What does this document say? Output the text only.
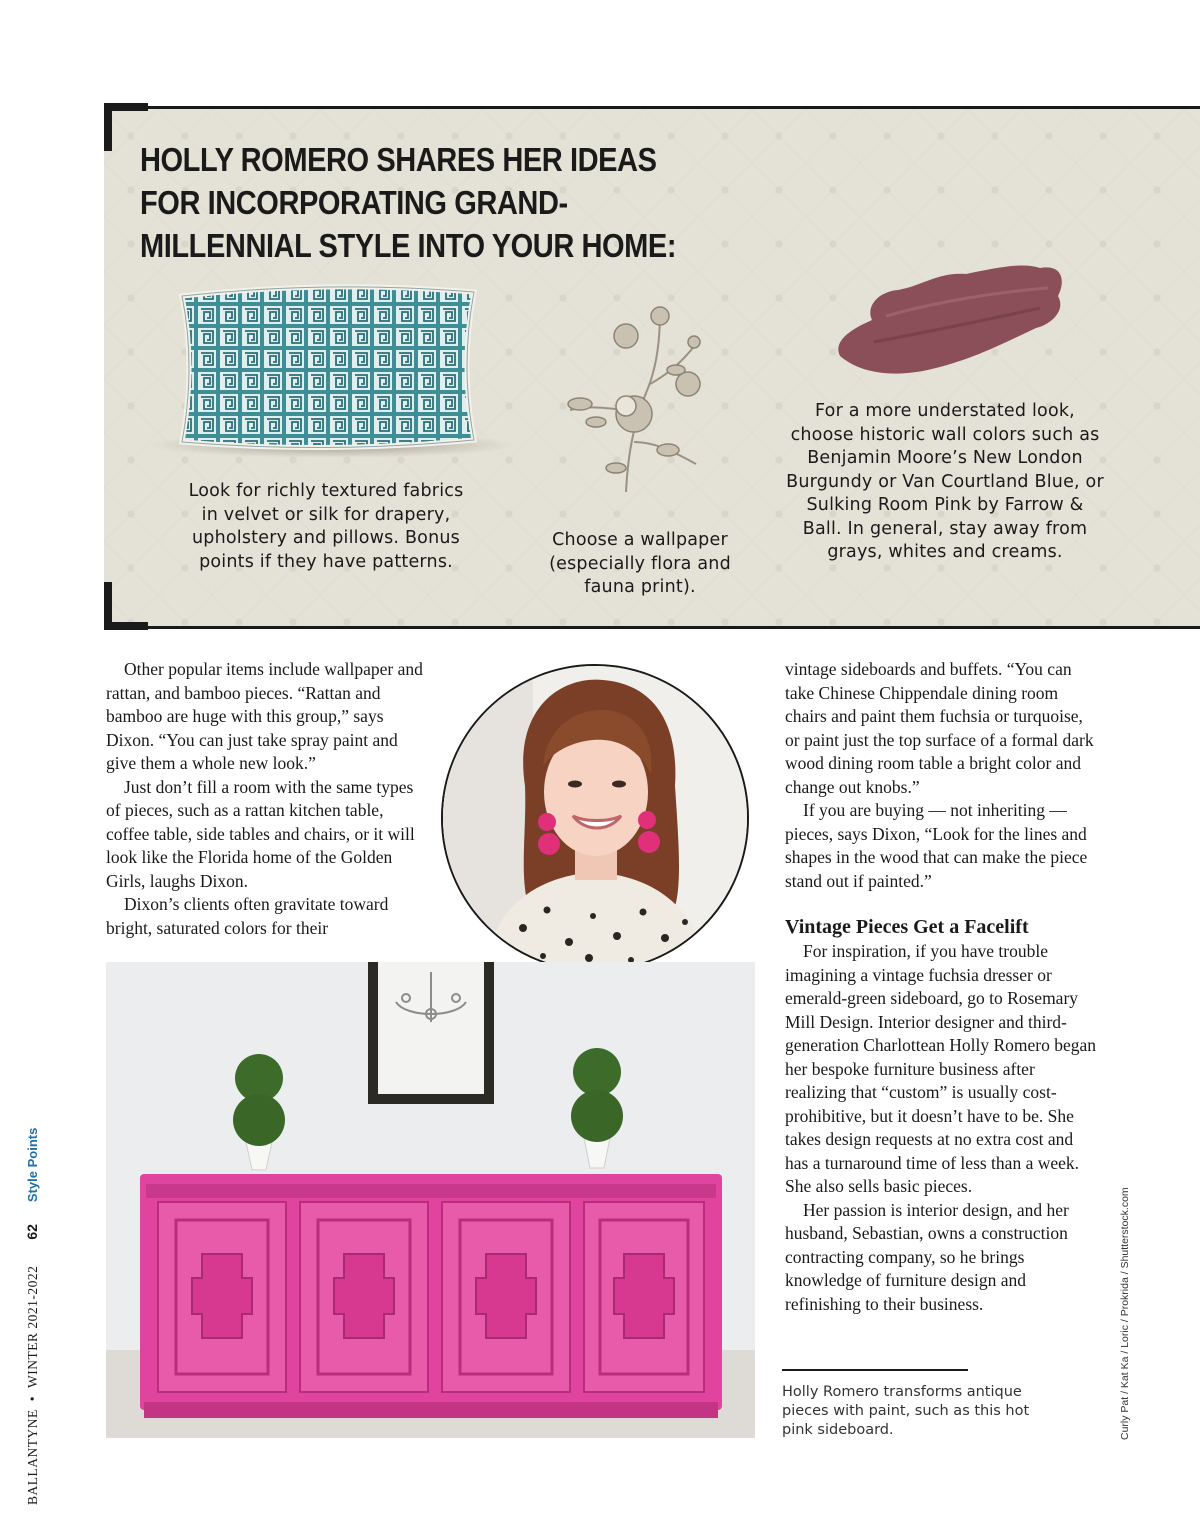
HOLLY ROMERO SHARES HER IDEAS FOR INCORPORATING GRAND-MILLENNIAL STYLE INTO YOUR HOME:

Look for richly textured fabrics in velvet or silk for drapery, upholstery and pillows. Bonus points if they have patterns.

Choose a wallpaper (especially flora and fauna print).

For a more understated look, choose historic wall colors such as Benjamin Moore’s New London Burgundy or Van Courtland Blue, or Sulking Room Pink by Farrow & Ball. In general, stay away from grays, whites and creams.

Other popular items include wallpaper and rattan, and bamboo pieces. “Rattan and bamboo are huge with this group,” says Dixon. “You can just take spray paint and give them a whole new look.”

Just don’t fill a room with the same types of pieces, such as a rattan kitchen table, coffee table, side tables and chairs, or it will look like the Florida home of the Golden Girls, laughs Dixon.

Dixon’s clients often gravitate toward bright, saturated colors for their

vintage sideboards and buffets. “You can take Chinese Chippendale dining room chairs and paint them fuchsia or turquoise, or paint just the top surface of a formal dark wood dining room table a bright color and change out knobs.”

If you are buying — not inheriting — pieces, says Dixon, “Look for the lines and shapes in the wood that can make the piece stand out if painted.”

Vintage Pieces Get a Facelift

For inspiration, if you have trouble imagining a vintage fuchsia dresser or emerald-green sideboard, go to Rosemary Mill Design. Interior designer and third-generation Charlottean Holly Romero began her bespoke furniture business after realizing that “custom” is usually cost-prohibitive, but it doesn’t have to be. She takes design requests at no extra cost and has a turnaround time of less than a week. She also sells basic pieces.

Her passion is interior design, and her husband, Sebastian, owns a construction contracting company, so he brings knowledge of furniture design and refinishing to their business.

Holly Romero transforms antique pieces with paint, such as this hot pink sideboard.

BALLANTYNE•WINTER 2021-202262Style Points
Curly Pat / Kat Ka / Loric / Prokrida / Shutterstock.com
